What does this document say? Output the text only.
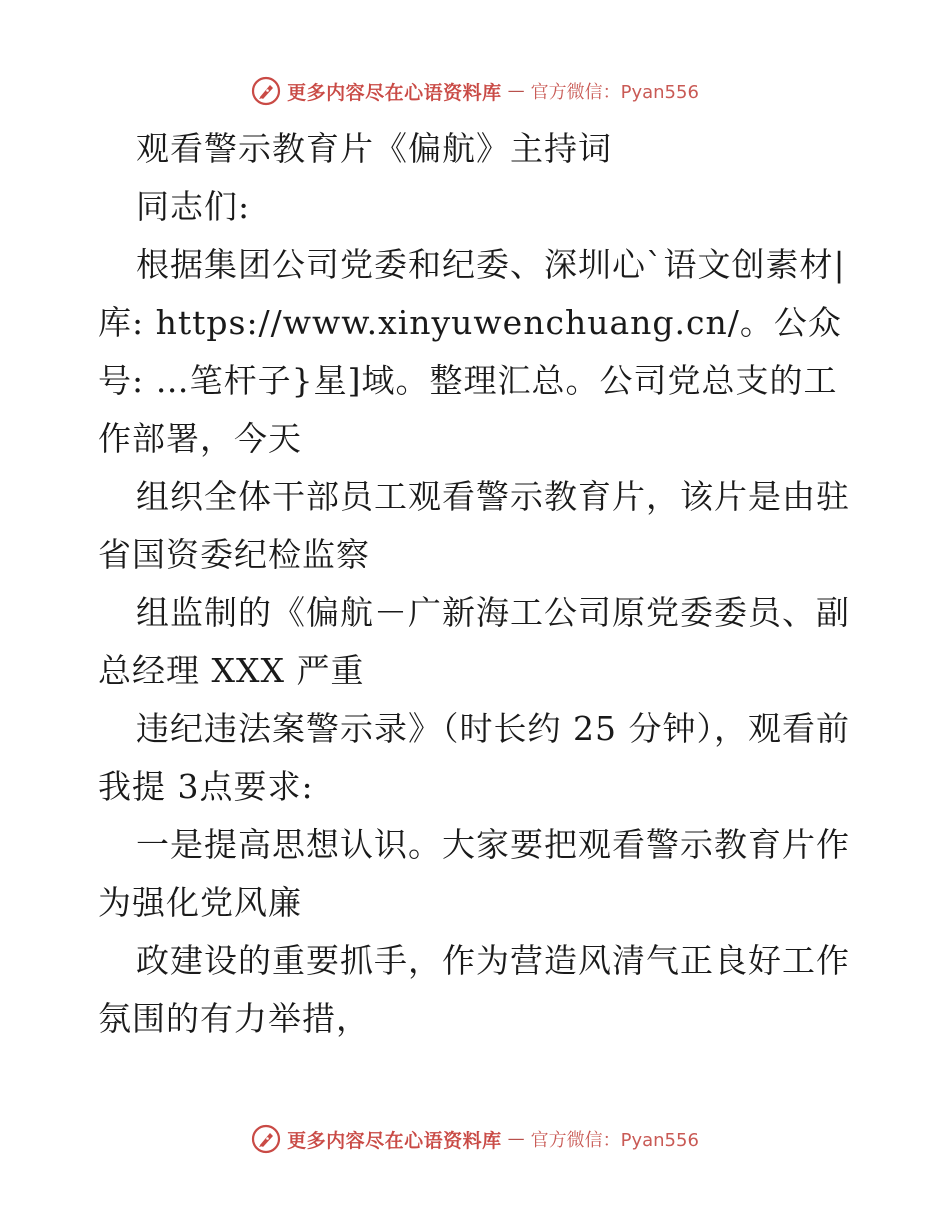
更多内容尽在心语资料库 — 官方微信：Pyan556

观看警示教育片《偏航》主持词

同志们:

根据集团公司党委和纪委、深圳心`语文创素材|库: https://www.xinyuwenchuang.cn/。公众号: …笔杆子}星]域。整理汇总。公司党总支的工作部署，今天

组织全体干部员工观看警示教育片，该片是由驻省国资委纪检监察

组监制的《偏航－广新海工公司原党委委员、副总经理 XXX 严重

违纪违法案警示录》（时长约 25 分钟），观看前我提 3点要求:

一是提高思想认识。大家要把观看警示教育片作为强化党风廉

政建设的重要抓手，作为营造风清气正良好工作氛围的有力举措，

更多内容尽在心语资料库 — 官方微信：Pyan556
